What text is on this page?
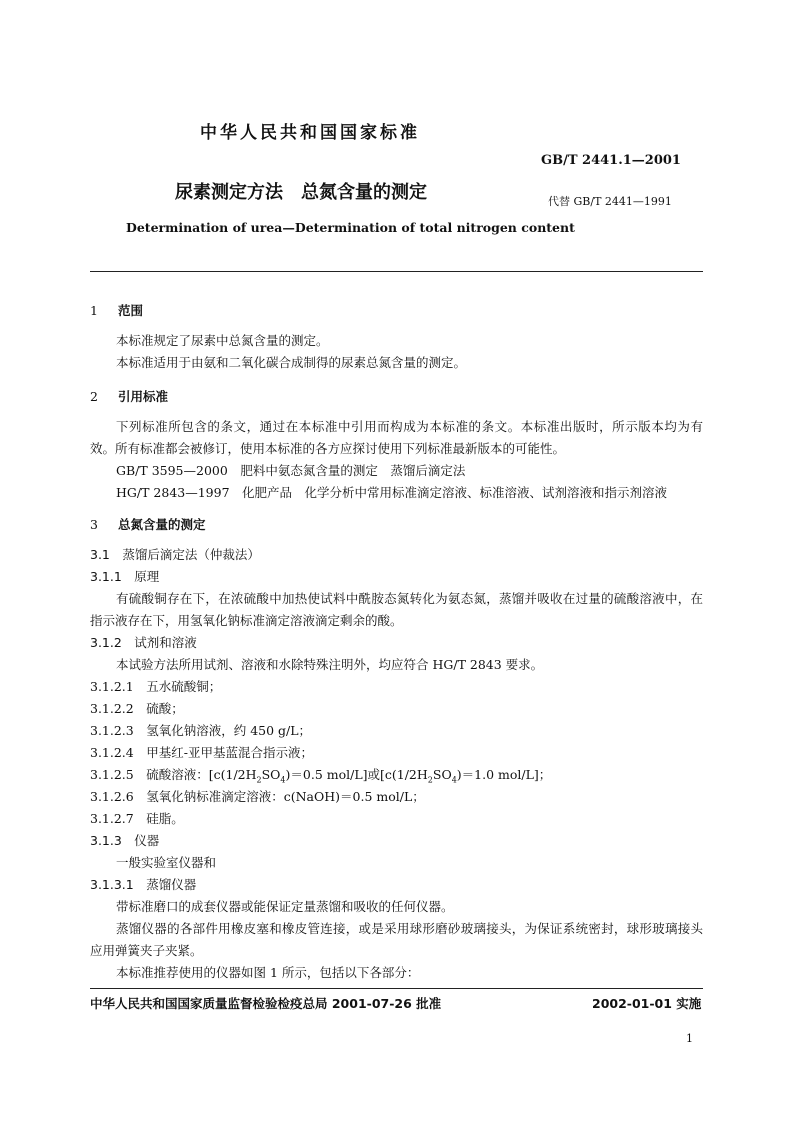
中华人民共和国国家标准
GB/T 2441.1—2001
尿素测定方法　总氮含量的测定	代替 GB/T 2441—1991
Determination of urea—Determination of total nitrogen content
1 范围
本标准规定了尿素中总氮含量的测定。
本标准适用于由氨和二氧化碳合成制得的尿素总氮含量的测定。
2 引用标准
下列标准所包含的条文，通过在本标准中引用而构成为本标准的条文。本标准出版时，所示版本均为有效。所有标准都会被修订，使用本标准的各方应探讨使用下列标准最新版本的可能性。
GB/T 3595—2000　肥料中氨态氮含量的测定　蒸馏后滴定法
HG/T 2843—1997　化肥产品　化学分析中常用标准滴定溶液、标准溶液、试剂溶液和指示剂溶液
3 总氮含量的测定
3.1　蒸馏后滴定法（仲裁法）
3.1.1　原理
有硫酸铜存在下，在浓硫酸中加热使试料中酰胺态氮转化为氨态氮，蒸馏并吸收在过量的硫酸溶液中，在指示液存在下，用氢氧化钠标准滴定溶液滴定剩余的酸。
3.1.2　试剂和溶液
本试验方法所用试剂、溶液和水除特殊注明外，均应符合 HG/T 2843 要求。
3.1.2.1　五水硫酸铜；
3.1.2.2　硫酸；
3.1.2.3　氢氧化钠溶液，约 450 g/L；
3.1.2.4　甲基红-亚甲基蓝混合指示液；
3.1.2.5　硫酸溶液：[$c(1/2H_2SO_4)=0.5$ mol/L]或[$c(1/2H_2SO_4)=1.0$ mol/L]；
3.1.2.6　氢氧化钠标准滴定溶液：c(NaOH)＝0.5 mol/L；
3.1.2.7　硅脂。
3.1.3　仪器
一般实验室仪器和
3.1.3.1　蒸馏仪器
带标准磨口的成套仪器或能保证定量蒸馏和吸收的任何仪器。
蒸馏仪器的各部件用橡皮塞和橡皮管连接，或是采用球形磨砂玻璃接头，为保证系统密封，球形玻璃接头应用弹簧夹子夹紧。
本标准推荐使用的仪器如图 1 所示，包括以下各部分：
中华人民共和国国家质量监督检验检疫总局 2001-07-26 批准	2002-01-01 实施
1
